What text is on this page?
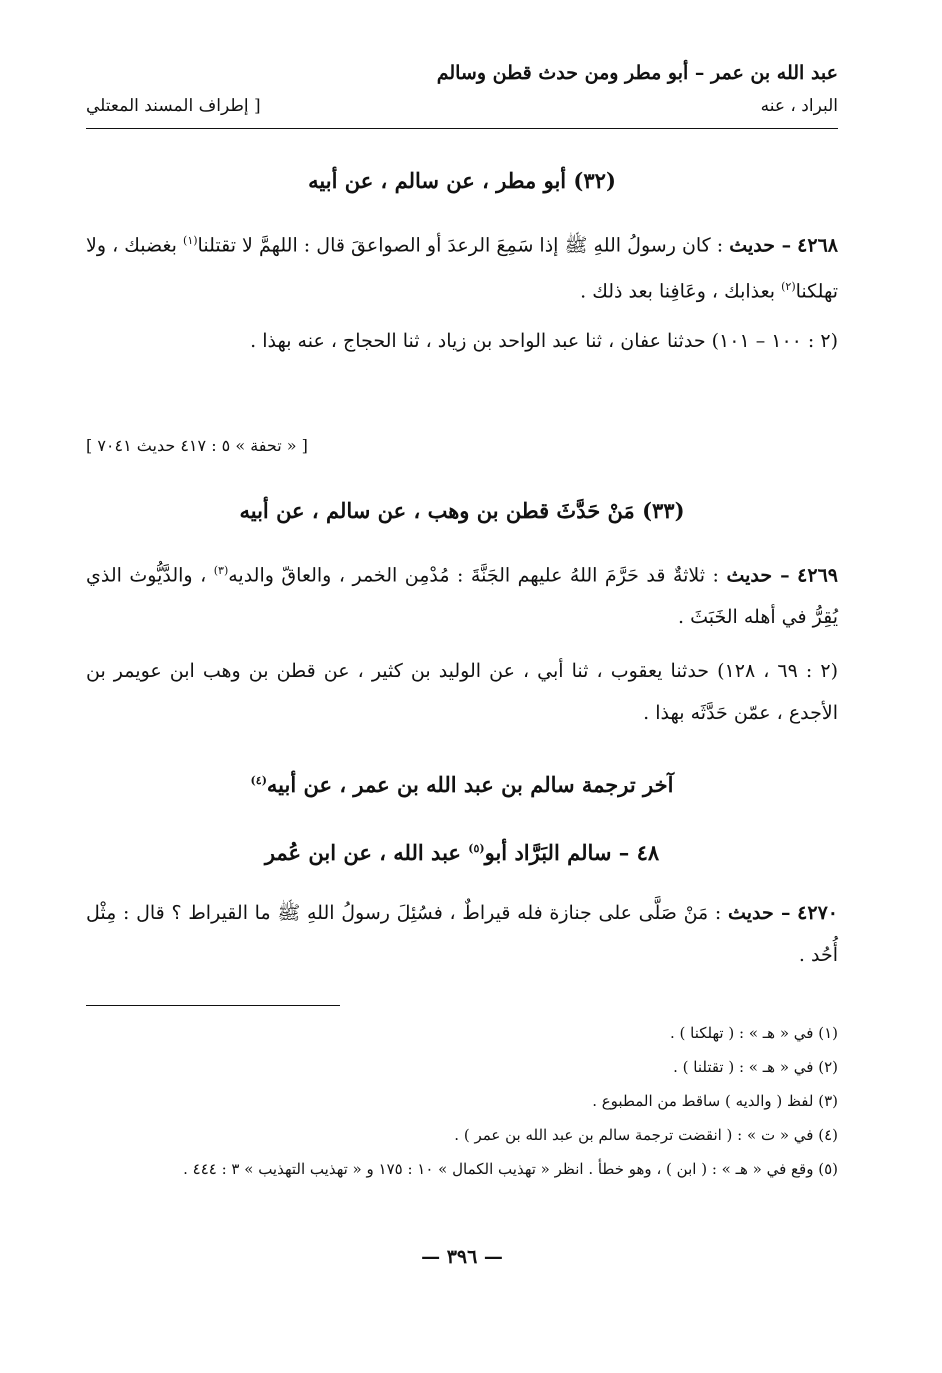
عبد الله بن عمر – أبو مطر ومن حدث قطن وسالم
البراد ، عنه
[ إطراف المسند المعتلي
(٣٢) أبو مطر ، عن سالم ، عن أبيه
٤٢٦٨ – حديث : كان رسولُ اللهِ ﷺ إذا سَمِعَ الرعدَ أو الصواعقَ قال : اللهمَّ لا تقتلنا$^{(١)}$ بغضبك ، ولا تهلكنا$^{(٢)}$ بعذابك ، وعَافِنا بعد ذلك .
(٢ : ١٠٠ – ١٠١) حدثنا عفان ، ثنا عبد الواحد بن زياد ، ثنا الحجاج ، عنه بهذا .
[ « تحفة » ٥ : ٤١٧ حديث ٧٠٤١ ]
(٣٣) مَنْ حَدَّثَ قطن بن وهب ، عن سالم ، عن أبيه
٤٢٦٩ – حديث : ثلاثةٌ قد حَرَّمَ اللهُ عليهم الجَنَّةَ : مُدْمِن الخمر ، والعاقّ والديه$^{(٣)}$ ، والدَّيُّوث الذي يُقِرُّ في أهله الخَبَثَ .
(٢ : ٦٩ ، ١٢٨) حدثنا يعقوب ، ثنا أبي ، عن الوليد بن كثير ، عن قطن بن وهب ابن عويمر بن الأجدع ، عمّن حَدَّثَه بهذا .
آخر ترجمة سالم بن عبد الله بن عمر ، عن أبيه$^{(٤)}$
٤٨ – سالم البَرَّاد أبو$^{(٥)}$ عبد الله ، عن ابن عُمر
٤٢٧٠ – حديث : مَنْ صَلَّى على جنازة فله قيراطٌ ، فسُئِلَ رسولُ اللهِ ﷺ ما القيراط ؟ قال : مِثْل أُحُد .
(١) في « هـ » : ( تهلكنا ) .
(٢) في « هـ » : ( تقتلنا ) .
(٣) لفظ ( والديه ) ساقط من المطبوع .
(٤) في « ت » : ( انقضت ترجمة سالم بن عبد الله بن عمر ) .
(٥) وقع في « هـ » : ( ابن ) ، وهو خطأ . انظر « تهذيب الكمال » ١٠ : ١٧٥ و « تهذيب التهذيب » ٣ : ٤٤٤ .
— ٣٩٦ —
